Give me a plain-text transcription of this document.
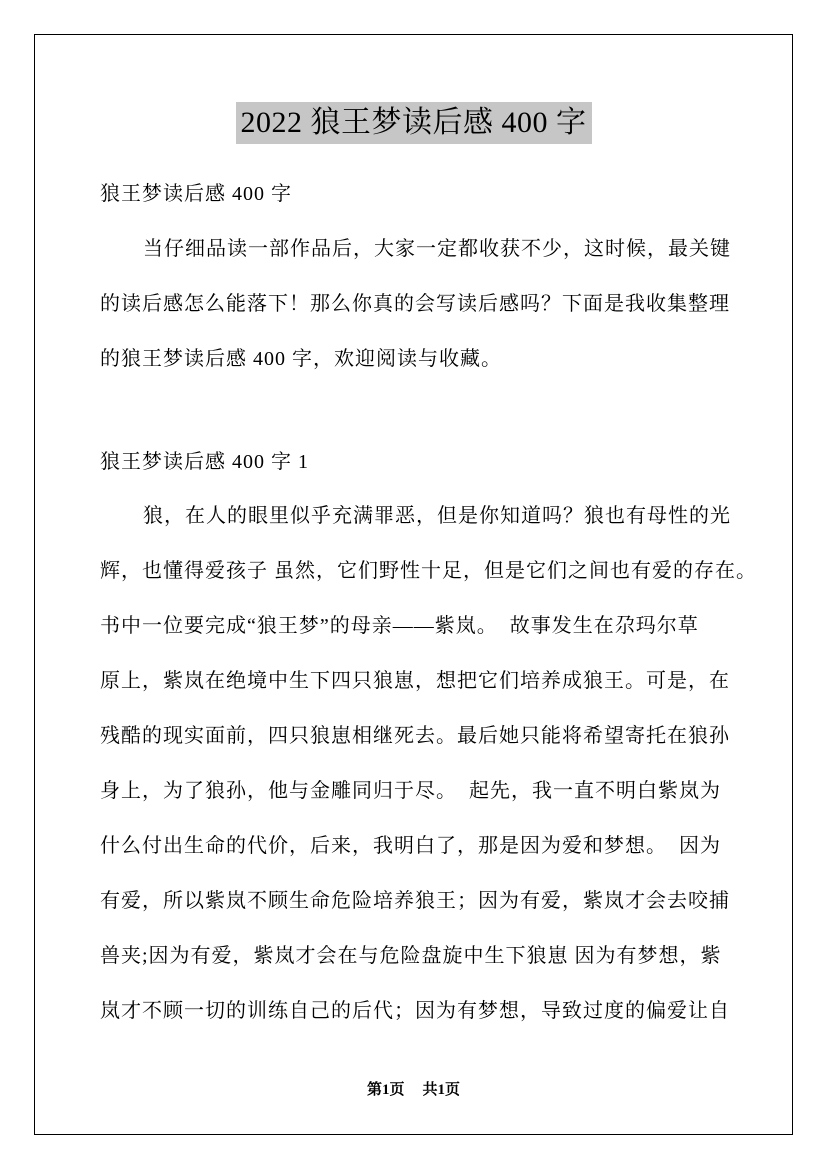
2022 狼王梦读后感 400 字
狼王梦读后感 400 字
当仔细品读一部作品后，大家一定都收获不少，这时候，最关键
的读后感怎么能落下！那么你真的会写读后感吗？下面是我收集整理
的狼王梦读后感 400 字，欢迎阅读与收藏。
狼王梦读后感 400 字 1
狼，在人的眼里似乎充满罪恶，但是你知道吗？狼也有母性的光
辉，也懂得爱孩子 虽然，它们野性十足，但是它们之间也有爱的存在。
书中一位要完成“狼王梦”的母亲——紫岚。  故事发生在尕玛尔草
原上，紫岚在绝境中生下四只狼崽，想把它们培养成狼王。可是，在
残酷的现实面前，四只狼崽相继死去。最后她只能将希望寄托在狼孙
身上，为了狼孙，他与金雕同归于尽。  起先，我一直不明白紫岚为
什么付出生命的代价，后来，我明白了，那是因为爱和梦想。  因为
有爱，所以紫岚不顾生命危险培养狼王；因为有爱，紫岚才会去咬捕
兽夹;因为有爱，紫岚才会在与危险盘旋中生下狼崽 因为有梦想，紫
岚才不顾一切的训练自己的后代；因为有梦想，导致过度的偏爱让自
第1页 共1页
